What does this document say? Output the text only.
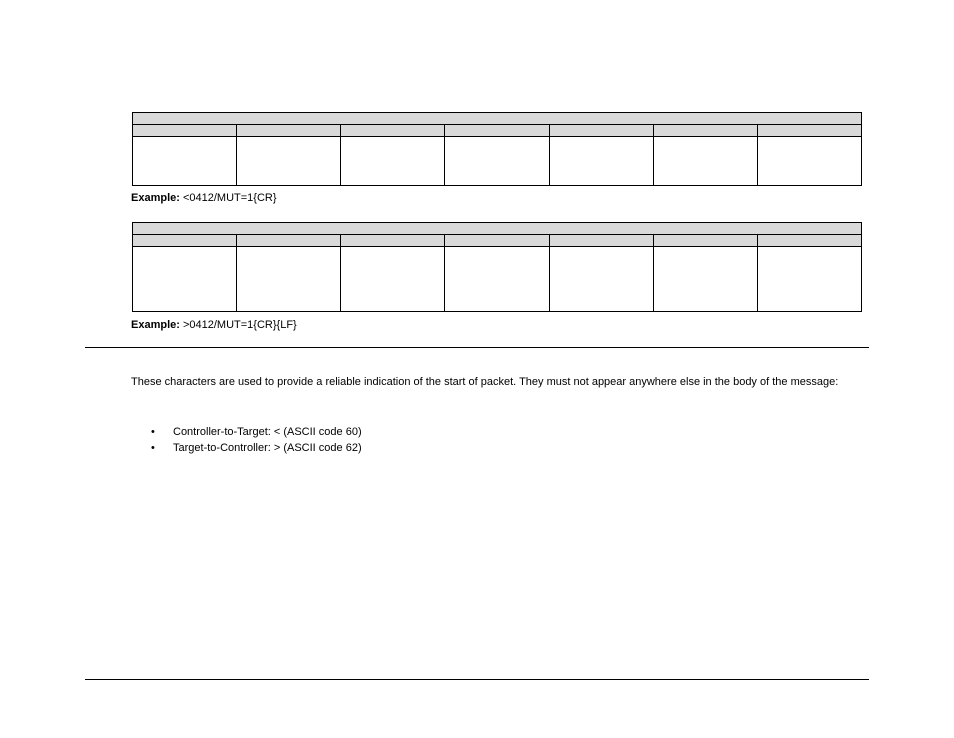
Example: <0412/MUT=1{CR}

Example: >0412/MUT=1{CR}{LF}

These characters are used to provide a reliable indication of the start of packet. They must not appear anywhere else in the body of the message:

• Controller-to-Target: < (ASCII code 60)
• Target-to-Controller: > (ASCII code 62)
